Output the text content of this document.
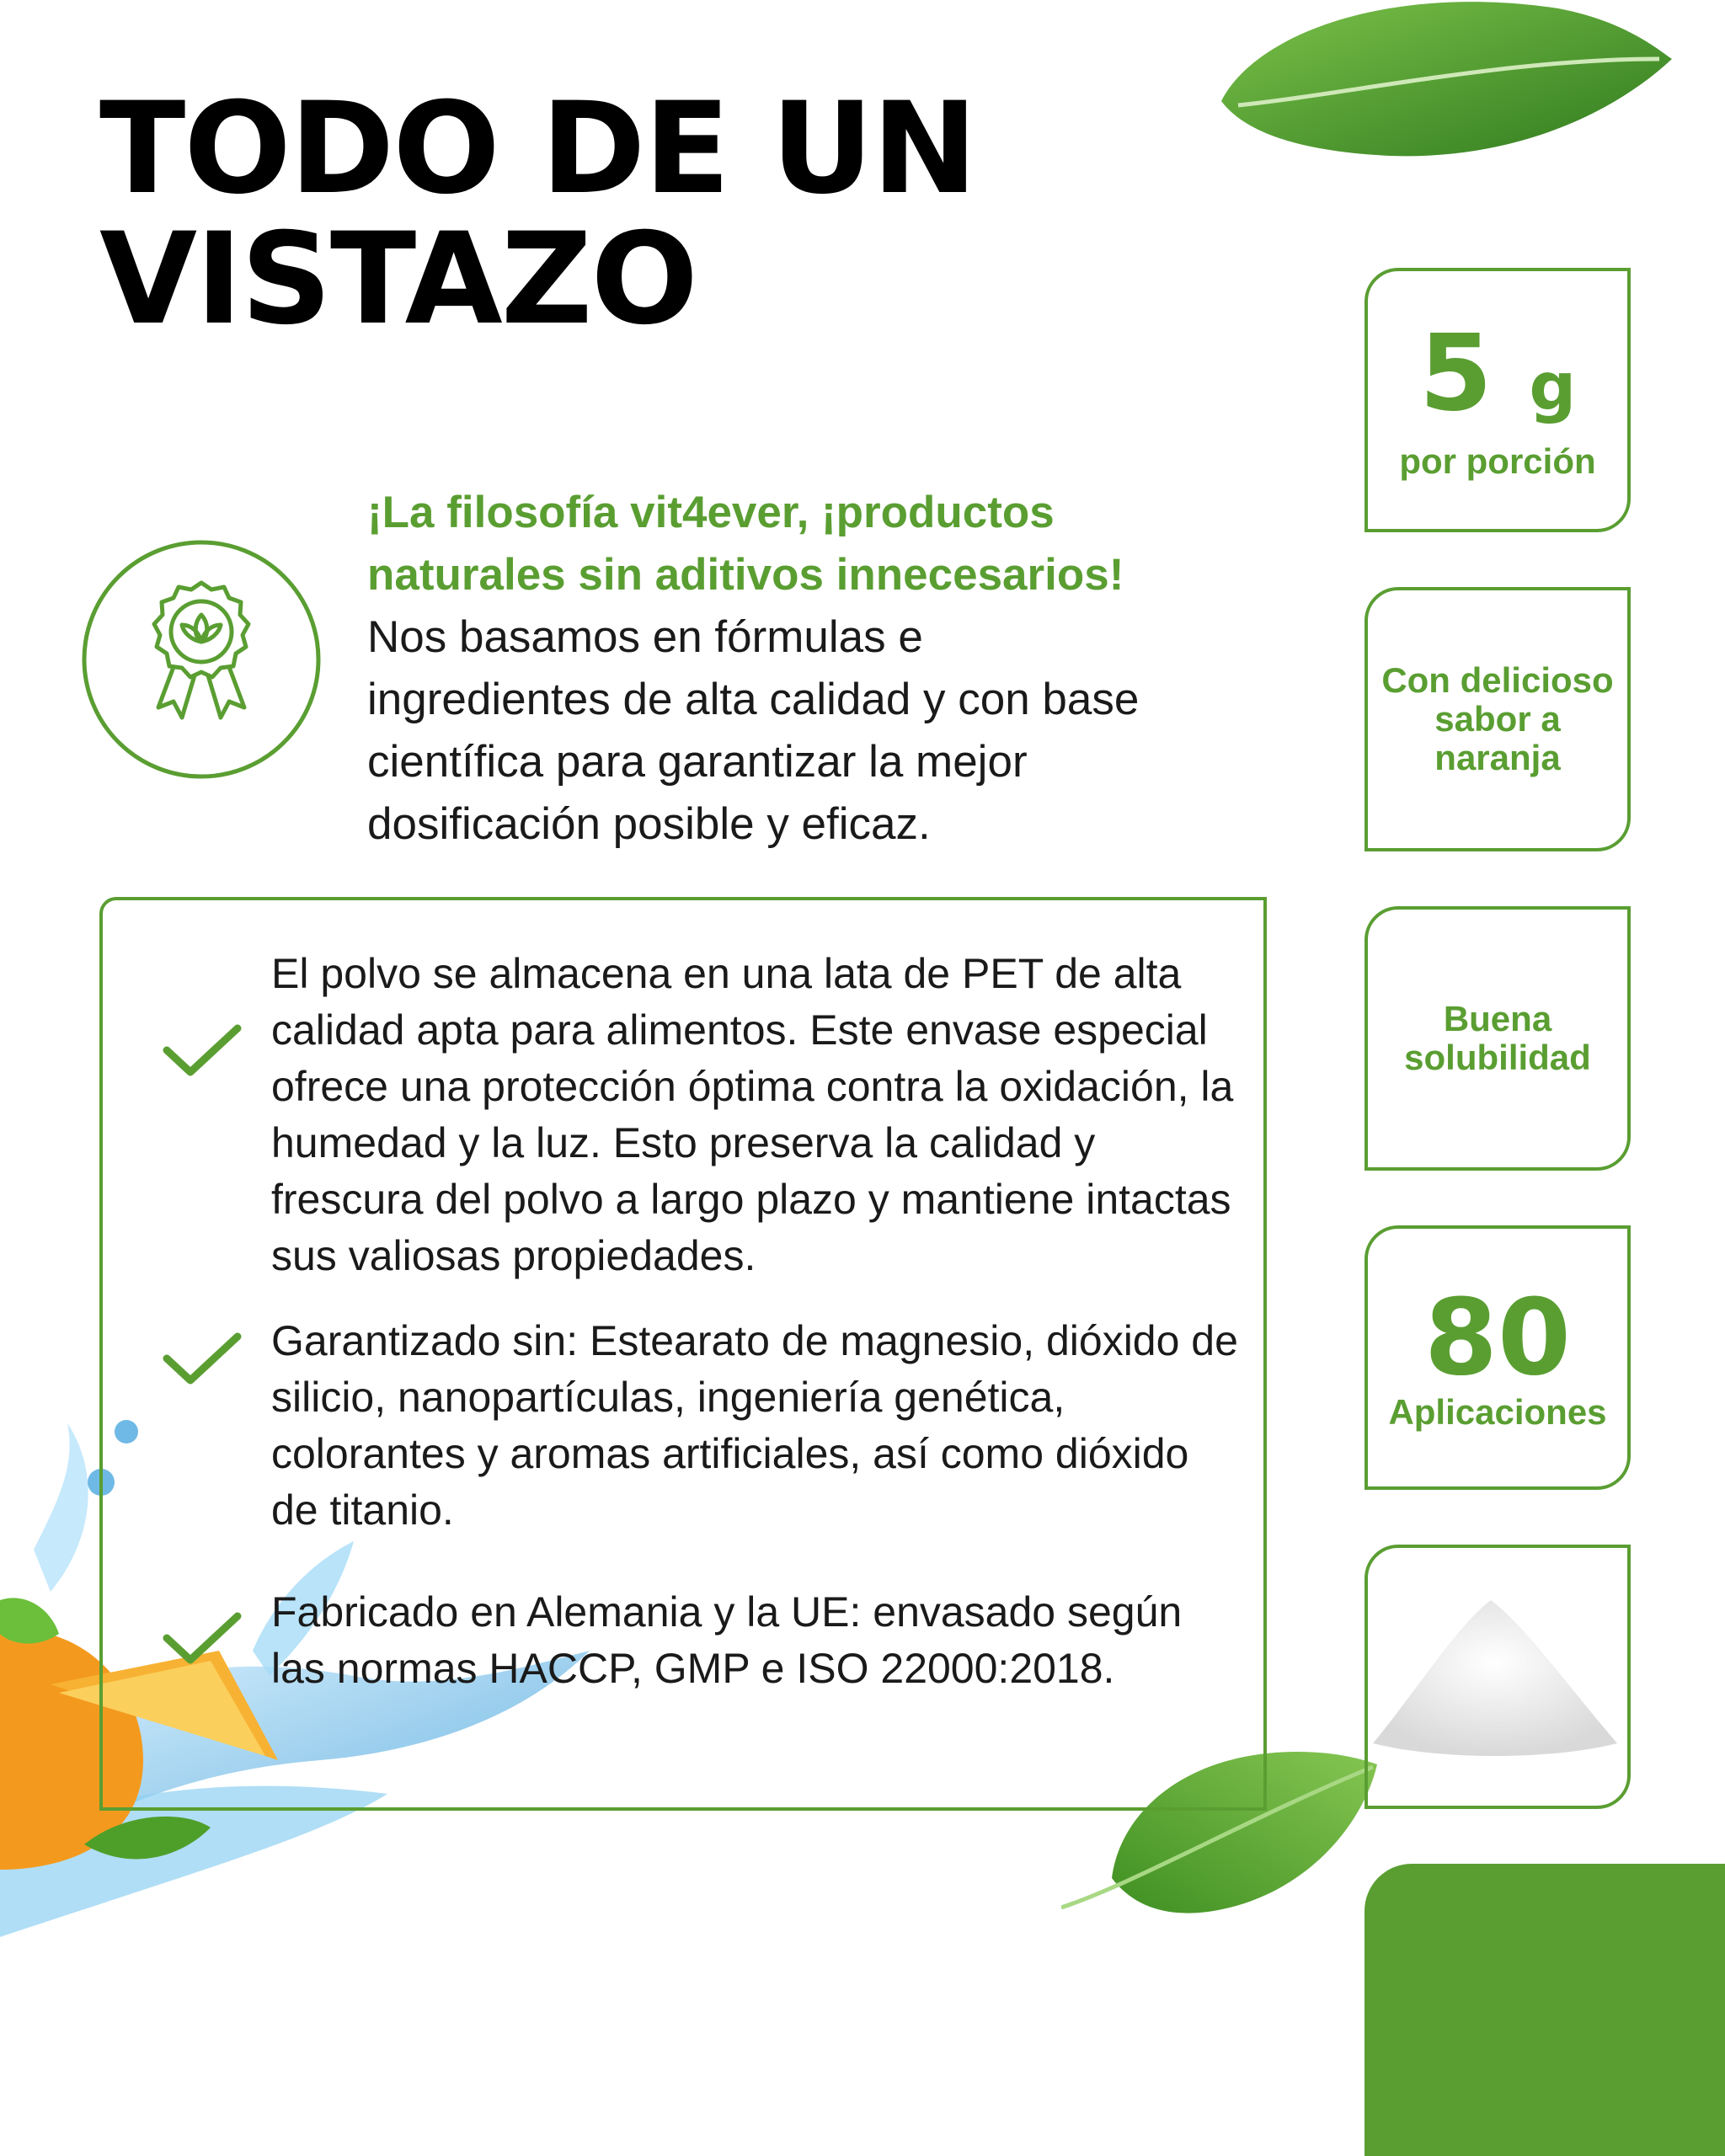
TODO DE UN
VISTAZO
¡La filosofía vit4ever, ¡productos naturales sin aditivos innecesarios!
Nos basamos en fórmulas e ingredientes de alta calidad y con base científica para garantizar la mejor dosificación posible y eficaz.
El polvo se almacena en una lata de PET de alta calidad apta para alimentos. Este envase especial ofrece una protección óptima contra la oxidación, la humedad y la luz. Esto preserva la calidad y frescura del polvo a largo plazo y mantiene intactas sus valiosas propiedades.
Garantizado sin: Estearato de magnesio, dióxido de silicio, nanopartículas, ingeniería genética, colorantes y aromas artificiales, así como dióxido de titanio.
Fabricado en Alemania y la UE: envasado según las normas HACCP, GMP e ISO 22000:2018.
5 g
por porción
Con delicioso sabor a naranja
Buena solubilidad
80
Aplicaciones
